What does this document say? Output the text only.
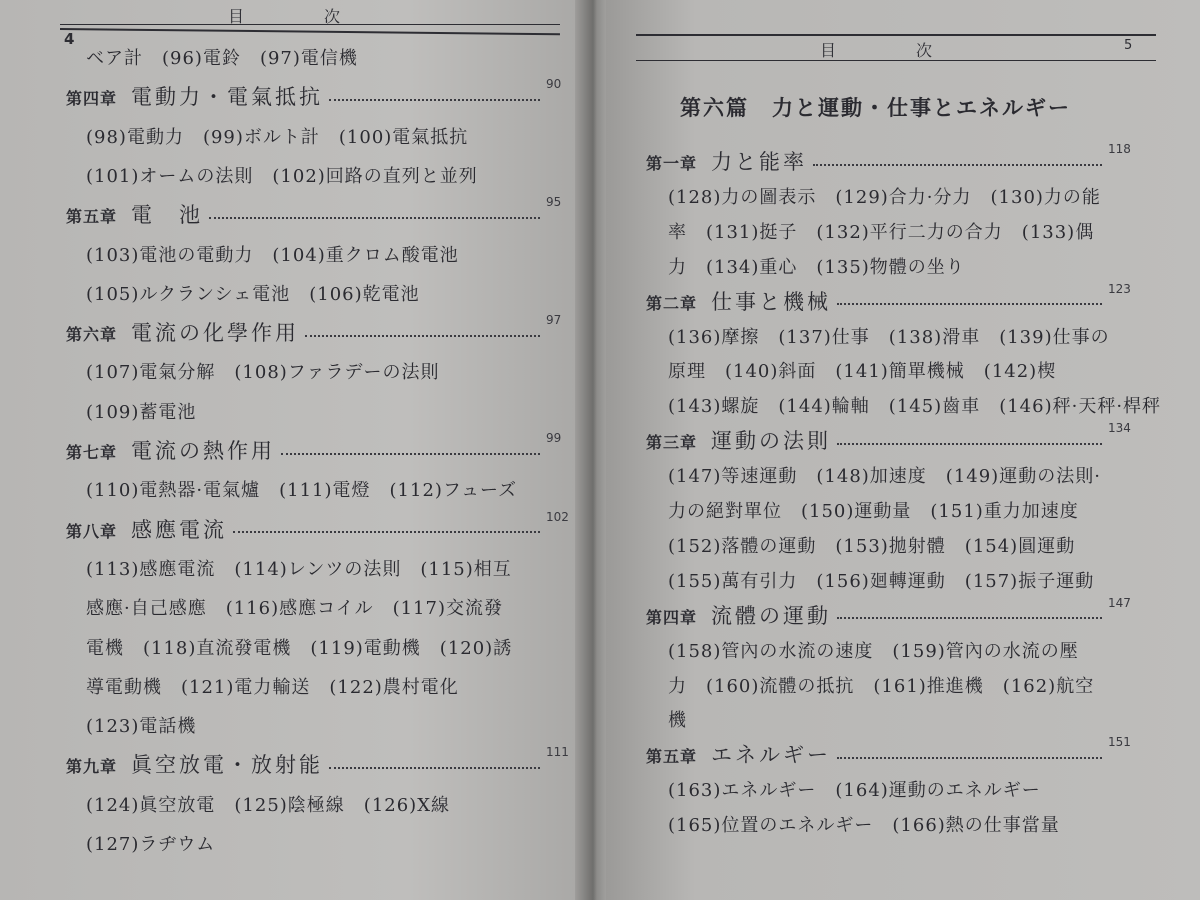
4
目　　　　　次
ベア計　(96)電鈴　(97)電信機
第四章 電動力・電氣抵抗
90
(98)電動力　(99)ボルト計　(100)電氣抵抗
(101)オームの法則　(102)回路の直列と並列
第五章 電　池
95
(103)電池の電動力　(104)重クロム酸電池
(105)ルクランシェ電池　(106)乾電池
第六章 電流の化學作用
97
(107)電氣分解　(108)ファラデーの法則
(109)蓄電池
第七章 電流の熱作用
99
(110)電熱器·電氣爐　(111)電燈　(112)フューズ
第八章 感應電流
102
(113)感應電流　(114)レンツの法則　(115)相互
感應·自己感應　(116)感應コイル　(117)交流發
電機　(118)直流發電機　(119)電動機　(120)誘
導電動機　(121)電力輸送　(122)農村電化
(123)電話機
第九章 眞空放電・放射能
111
(124)眞空放電　(125)陰極線　(126)X線
(127)ラヂウム
目　　　　　次	5
第六篇　力と運動・仕事とエネルギー
第一章 力と能率
118
(128)力の圖表示　(129)合力·分力　(130)力の能
率　(131)挺子　(132)平行二力の合力　(133)偶
力　(134)重心　(135)物體の坐り
第二章 仕事と機械
123
(136)摩擦　(137)仕事　(138)滑車　(139)仕事の
原理　(140)斜面　(141)簡單機械　(142)楔
(143)螺旋　(144)輪軸　(145)齒車　(146)秤·天秤·桿秤
第三章 運動の法則
134
(147)等速運動　(148)加速度　(149)運動の法則·
力の絕對單位　(150)運動量　(151)重力加速度
(152)落體の運動　(153)拋射體　(154)圓運動
(155)萬有引力　(156)廻轉運動　(157)振子運動
第四章 流體の運動
147
(158)管內の水流の速度　(159)管內の水流の壓
力　(160)流體の抵抗　(161)推進機　(162)航空
機
第五章 エネルギー
151
(163)エネルギー　(164)運動のエネルギー
(165)位置のエネルギー　(166)熱の仕事當量
